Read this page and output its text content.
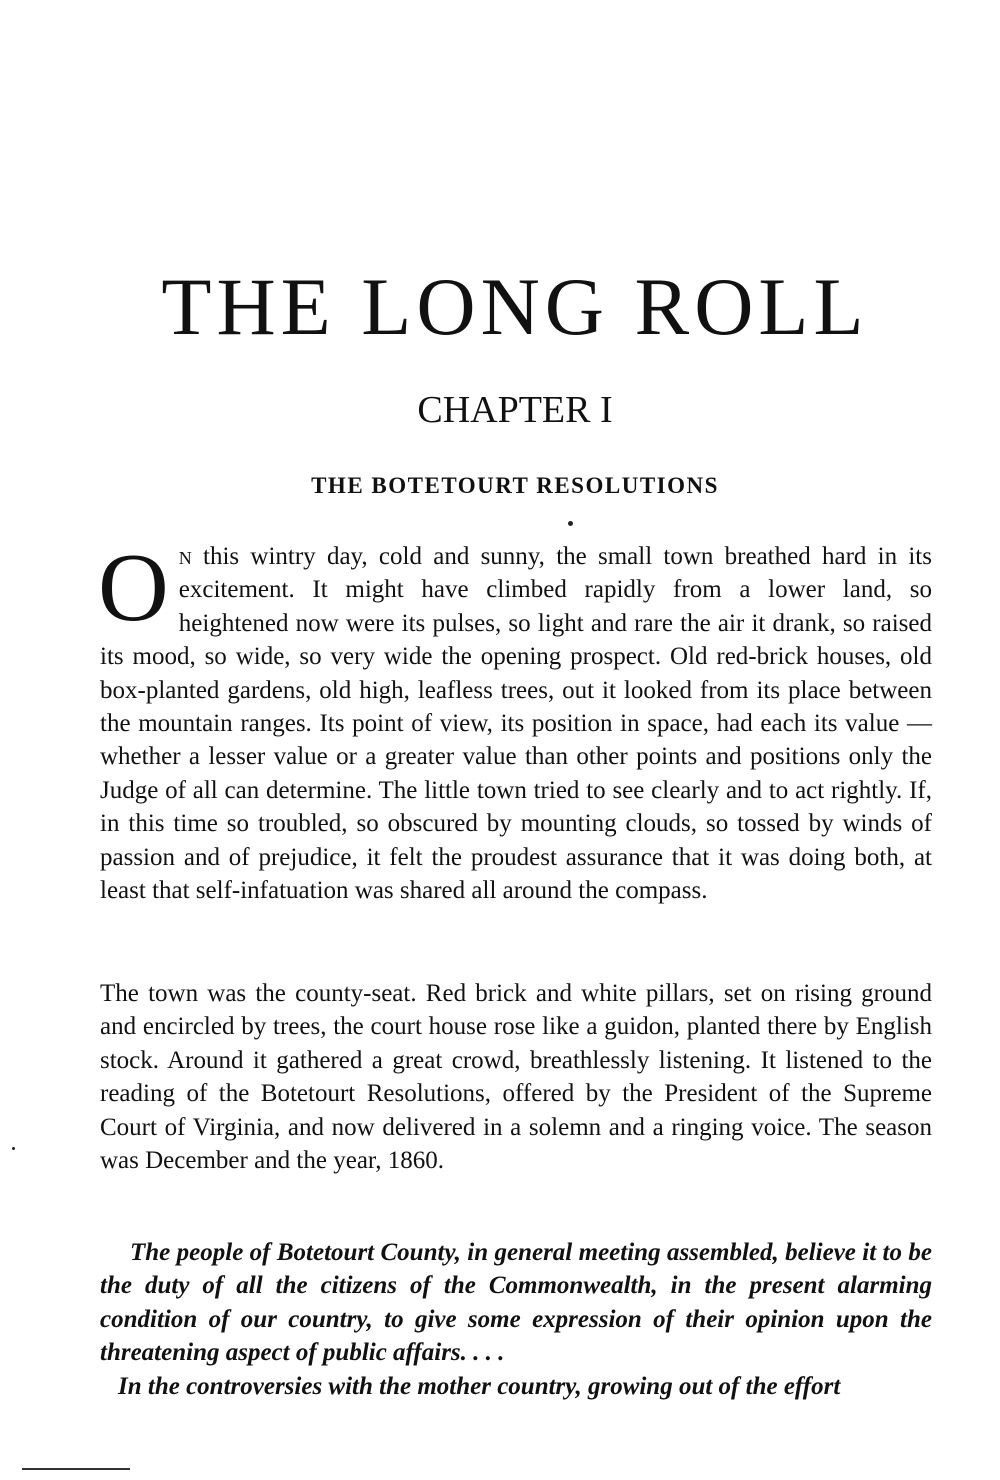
THE LONG ROLL
CHAPTER I
THE BOTETOURT RESOLUTIONS

O n this wintry day, cold and sunny, the small town breathed hard in its excitement. It might have climbed rapidly from a lower land, so heightened now were its pulses, so light and rare the air it drank, so raised its mood, so wide, so very wide the opening prospect. Old red-brick houses, old box-planted gardens, old high, leafless trees, out it looked from its place between the mountain ranges. Its point of view, its position in space, had each its value — whether a lesser value or a greater value than other points and positions only the Judge of all can determine. The little town tried to see clearly and to act rightly. If, in this time so troubled, so obscured by mounting clouds, so tossed by winds of passion and of prejudice, it felt the proudest assurance that it was doing both, at least that self-infatuation was shared all around the compass.

The town was the county-seat. Red brick and white pillars, set on rising ground and encircled by trees, the court house rose like a guidon, planted there by English stock. Around it gathered a great crowd, breathlessly listening. It listened to the reading of the Botetourt Resolutions, offered by the President of the Supreme Court of Virginia, and now delivered in a solemn and a ringing voice. The season was December and the year, 1860.

The people of Botetourt County, in general meeting assembled, believe it to be the duty of all the citizens of the Commonwealth, in the present alarming condition of our country, to give some expression of their opinion upon the threatening aspect of public affairs. . . .

In the controversies with the mother country, growing out of the effort
